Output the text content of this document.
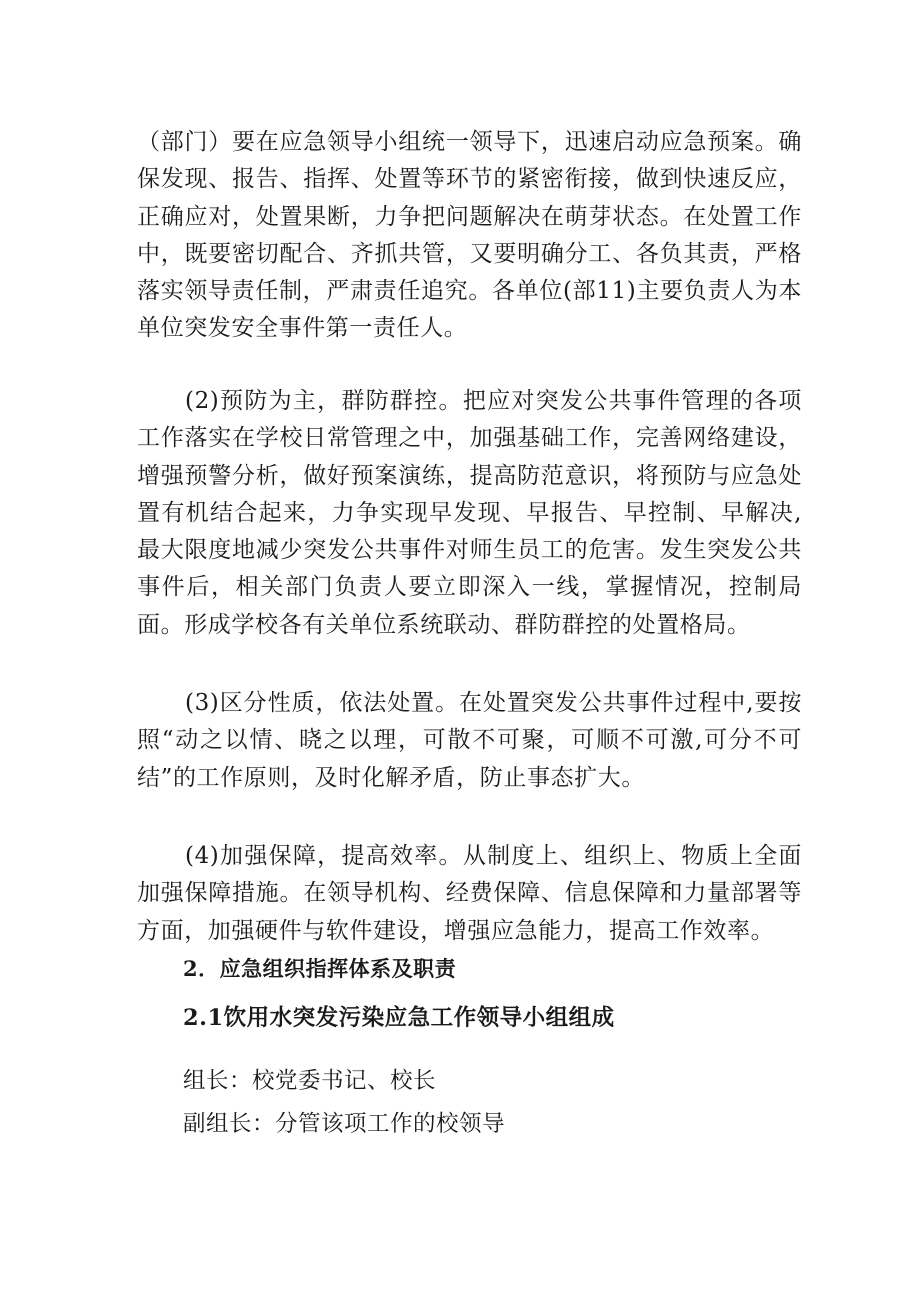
（部门）要在应急领导小组统一领导下，迅速启动应急预案。确保发现、报告、指挥、处置等环节的紧密衔接，做到快速反应，正确应对，处置果断，力争把问题解决在萌芽状态。在处置工作中，既要密切配合、齐抓共管，又要明确分工、各负其责，严格落实领导责任制，严肃责任追究。各单位(部11)主要负责人为本单位突发安全事件第一责任人。

(2)预防为主，群防群控。把应对突发公共事件管理的各项工作落实在学校日常管理之中，加强基础工作，完善网络建设，增强预警分析，做好预案演练，提高防范意识，将预防与应急处置有机结合起来，力争实现早发现、早报告、早控制、早解决,最大限度地减少突发公共事件对师生员工的危害。发生突发公共事件后，相关部门负责人要立即深入一线，掌握情况，控制局面。形成学校各有关单位系统联动、群防群控的处置格局。

(3)区分性质，依法处置。在处置突发公共事件过程中,要按照“动之以情、晓之以理，可散不可聚，可顺不可激,可分不可结”的工作原则，及时化解矛盾，防止事态扩大。

(4)加强保障，提高效率。从制度上、组织上、物质上全面加强保障措施。在领导机构、经费保障、信息保障和力量部署等方面，加强硬件与软件建设，增强应急能力，提高工作效率。

2．应急组织指挥体系及职责
2.1饮用水突发污染应急工作领导小组组成

组长：校党委书记、校长

副组长：分管该项工作的校领导
